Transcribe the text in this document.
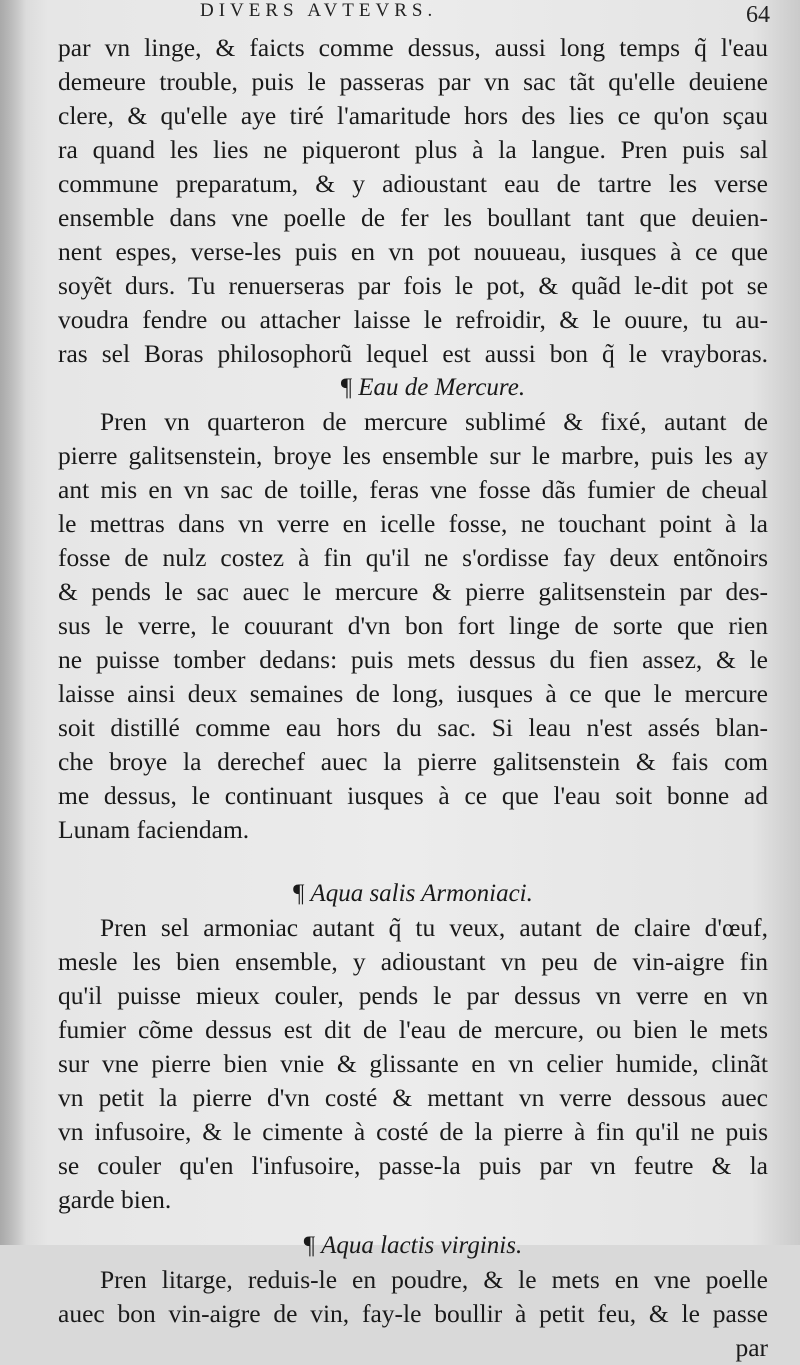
DIVERS AVTEVRS.	64
par vn linge, & faicts comme dessus, aussi long temps q̃ l'eau
demeure trouble, puis le passeras par vn sac tãt qu'elle deuiene
clere, & qu'elle aye tiré l'amaritude hors des lies ce qu'on sçau
ra quand les lies ne piqueront plus à la langue. Pren puis sal
commune preparatum, & y adioustant eau de tartre les verse
ensemble dans vne poelle de fer les boullant tant que deuien-
nent espes, verse-les puis en vn pot nouueau, iusques à ce que
soyẽt durs. Tu renuerseras par fois le pot, & quãd le-dit pot se
voudra fendre ou attacher laisse le refroidir, & le ouure, tu au-
ras sel Boras philosophorũ lequel est aussi bon q̃ le vrayboras.
¶ Eau de Mercure.
Pren vn quarteron de mercure sublimé & fixé, autant de
pierre galitsenstein, broye les ensemble sur le marbre, puis les ay
ant mis en vn sac de toille, feras vne fosse dãs fumier de cheual
le mettras dans vn verre en icelle fosse, ne touchant point à la
fosse de nulz costez à fin qu'il ne s'ordisse fay deux entõnoirs
& pends le sac auec le mercure & pierre galitsenstein par des-
sus le verre, le couurant d'vn bon fort linge de sorte que rien
ne puisse tomber dedans: puis mets dessus du fien assez, & le
laisse ainsi deux semaines de long, iusques à ce que le mercure
soit distillé comme eau hors du sac. Si leau n'est assés blan-
che broye la derechef auec la pierre galitsenstein & fais com
me dessus, le continuant iusques à ce que l'eau soit bonne ad
Lunam faciendam.
¶ Aqua salis Armoniaci.
Pren sel armoniac autant q̃ tu veux, autant de claire d'œuf,
mesle les bien ensemble, y adioustant vn peu de vin-aigre fin
qu'il puisse mieux couler, pends le par dessus vn verre en vn
fumier cõme dessus est dit de l'eau de mercure, ou bien le mets
sur vne pierre bien vnie & glissante en vn celier humide, clinãt
vn petit la pierre d'vn costé & mettant vn verre dessous auec
vn infusoire, & le cimente à costé de la pierre à fin qu'il ne puis
se couler qu'en l'infusoire, passe-la puis par vn feutre & la
garde bien.
¶ Aqua lactis virginis.
Pren litarge, reduis-le en poudre, & le mets en vne poelle
auec bon vin-aigre de vin, fay-le boullir à petit feu, & le passe
par
